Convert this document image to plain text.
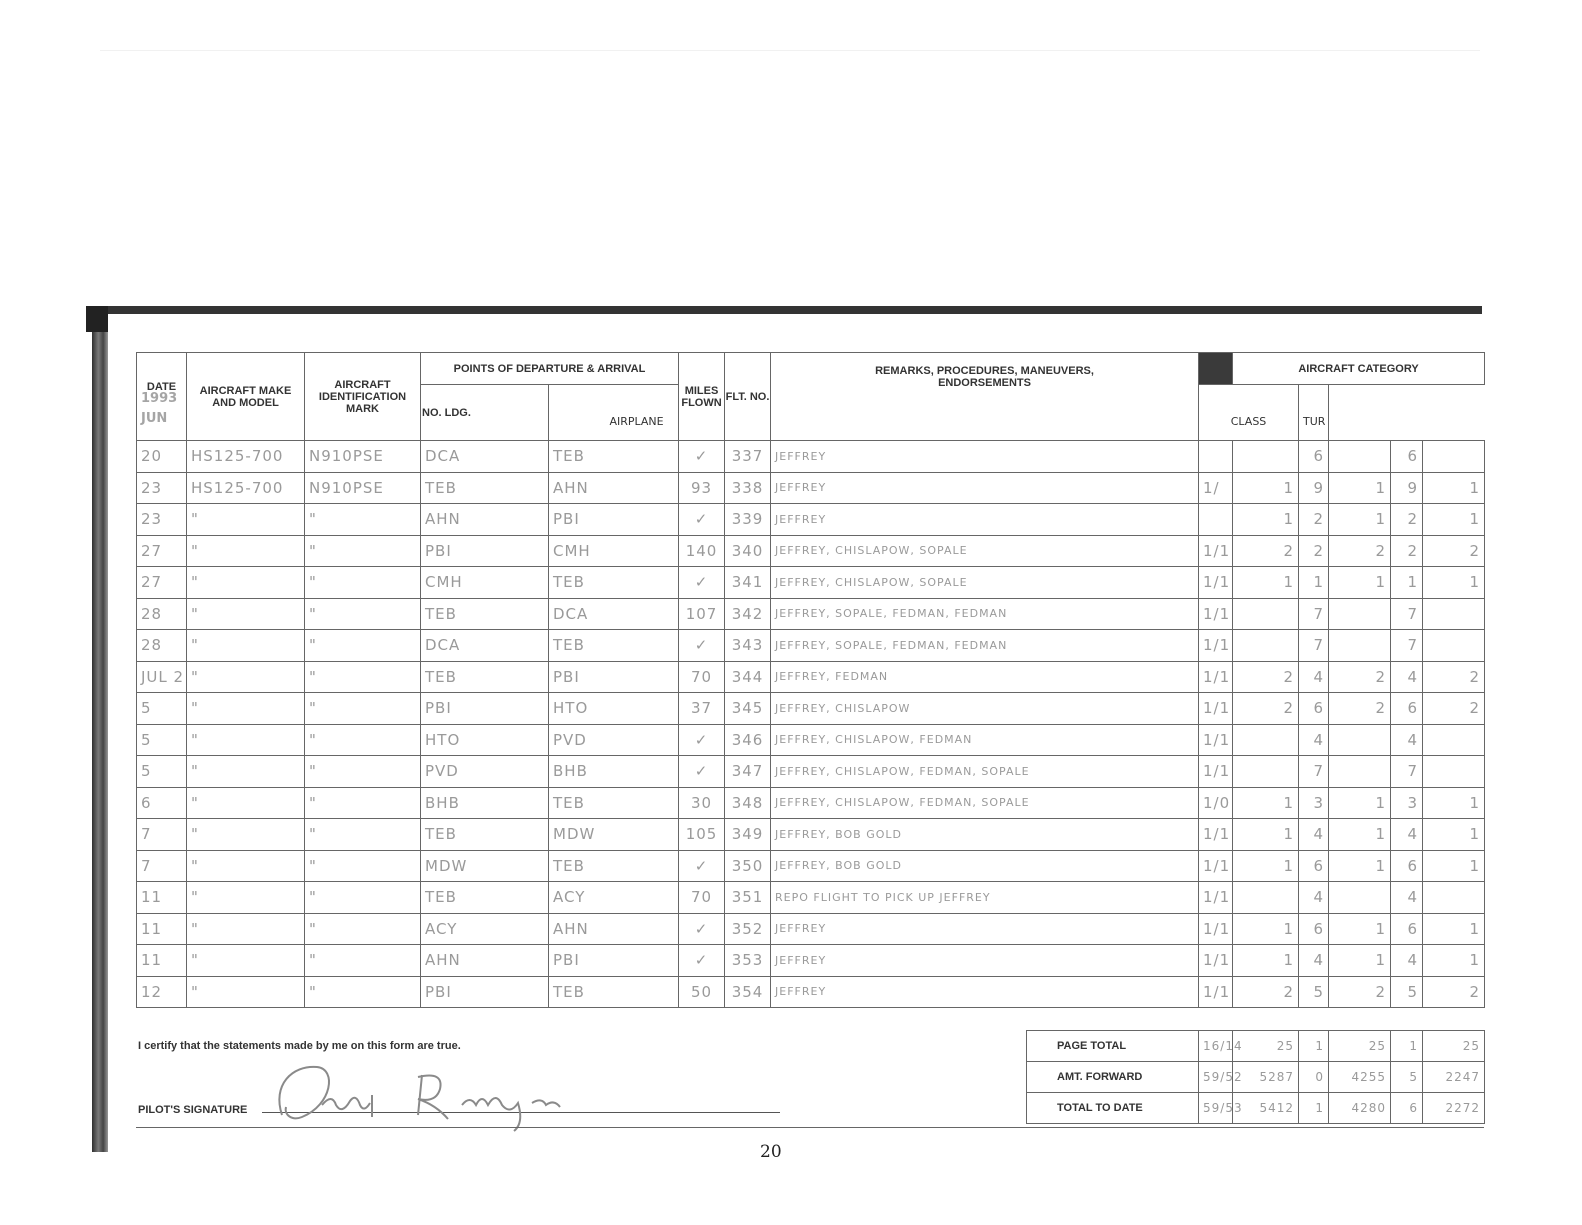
DATE
1993
JUN	AIRCRAFT MAKE AND MODEL	AIRCRAFT IDENTIFICATION MARK	POINTS OF DEPARTURE & ARRIVAL		MILES FLOWN	FLT. NO.	REMARKS, PROCEDURES, MANEUVERS, ENDORSEMENTS		AIRCRAFT CATEGORY				
			NO. LDG.	AIRPLANE				CLASS		TUR			
20	HS125-700	N910PSE	DCA	TEB	✓	337	JEFFREY			6		6	
23	HS125-700	N910PSE	TEB	AHN	93	338	JEFFREY	1/	1	9	1	9	1
23	"	"	AHN	PBI	✓	339	JEFFREY		1	2	1	2	1
27	"	"	PBI	CMH	140	340	JEFFREY, CHISLAPOW, SOPALE	1/1	2	2	2	2	2
27	"	"	CMH	TEB	✓	341	JEFFREY, CHISLAPOW, SOPALE	1/1	1	1	1	1	1
28	"	"	TEB	DCA	107	342	JEFFREY, SOPALE, FEDMAN, FEDMAN	1/1		7		7	
28	"	"	DCA	TEB	✓	343	JEFFREY, SOPALE, FEDMAN, FEDMAN	1/1		7		7	
JUL 2	"	"	TEB	PBI	70	344	JEFFREY, FEDMAN	1/1	2	4	2	4	2
5	"	"	PBI	HTO	37	345	JEFFREY, CHISLAPOW	1/1	2	6	2	6	2
5	"	"	HTO	PVD	✓	346	JEFFREY, CHISLAPOW, FEDMAN	1/1		4		4	
5	"	"	PVD	BHB	✓	347	JEFFREY, CHISLAPOW, FEDMAN, SOPALE	1/1		7		7	
6	"	"	BHB	TEB	30	348	JEFFREY, CHISLAPOW, FEDMAN, SOPALE	1/0	1	3	1	3	1
7	"	"	TEB	MDW	105	349	JEFFREY, BOB GOLD	1/1	1	4	1	4	1
7	"	"	MDW	TEB	✓	350	JEFFREY, BOB GOLD	1/1	1	6	1	6	1
11	"	"	TEB	ACY	70	351	REPO FLIGHT TO PICK UP JEFFREY	1/1		4		4	
11	"	"	ACY	AHN	✓	352	JEFFREY	1/1	1	6	1	6	1
11	"	"	AHN	PBI	✓	353	JEFFREY	1/1	1	4	1	4	1
12	"	"	PBI	TEB	50	354	JEFFREY	1/1	2	5	2	5	2
I certify that the statements made by me on this form are true.
PILOT'S SIGNATURE
PAGE TOTAL	16/14	25	1	25	1	25
AMT. FORWARD	59/52	5287	0	4255	5	2247
TOTAL TO DATE	59/53	5412	1	4280	6	2272
20
